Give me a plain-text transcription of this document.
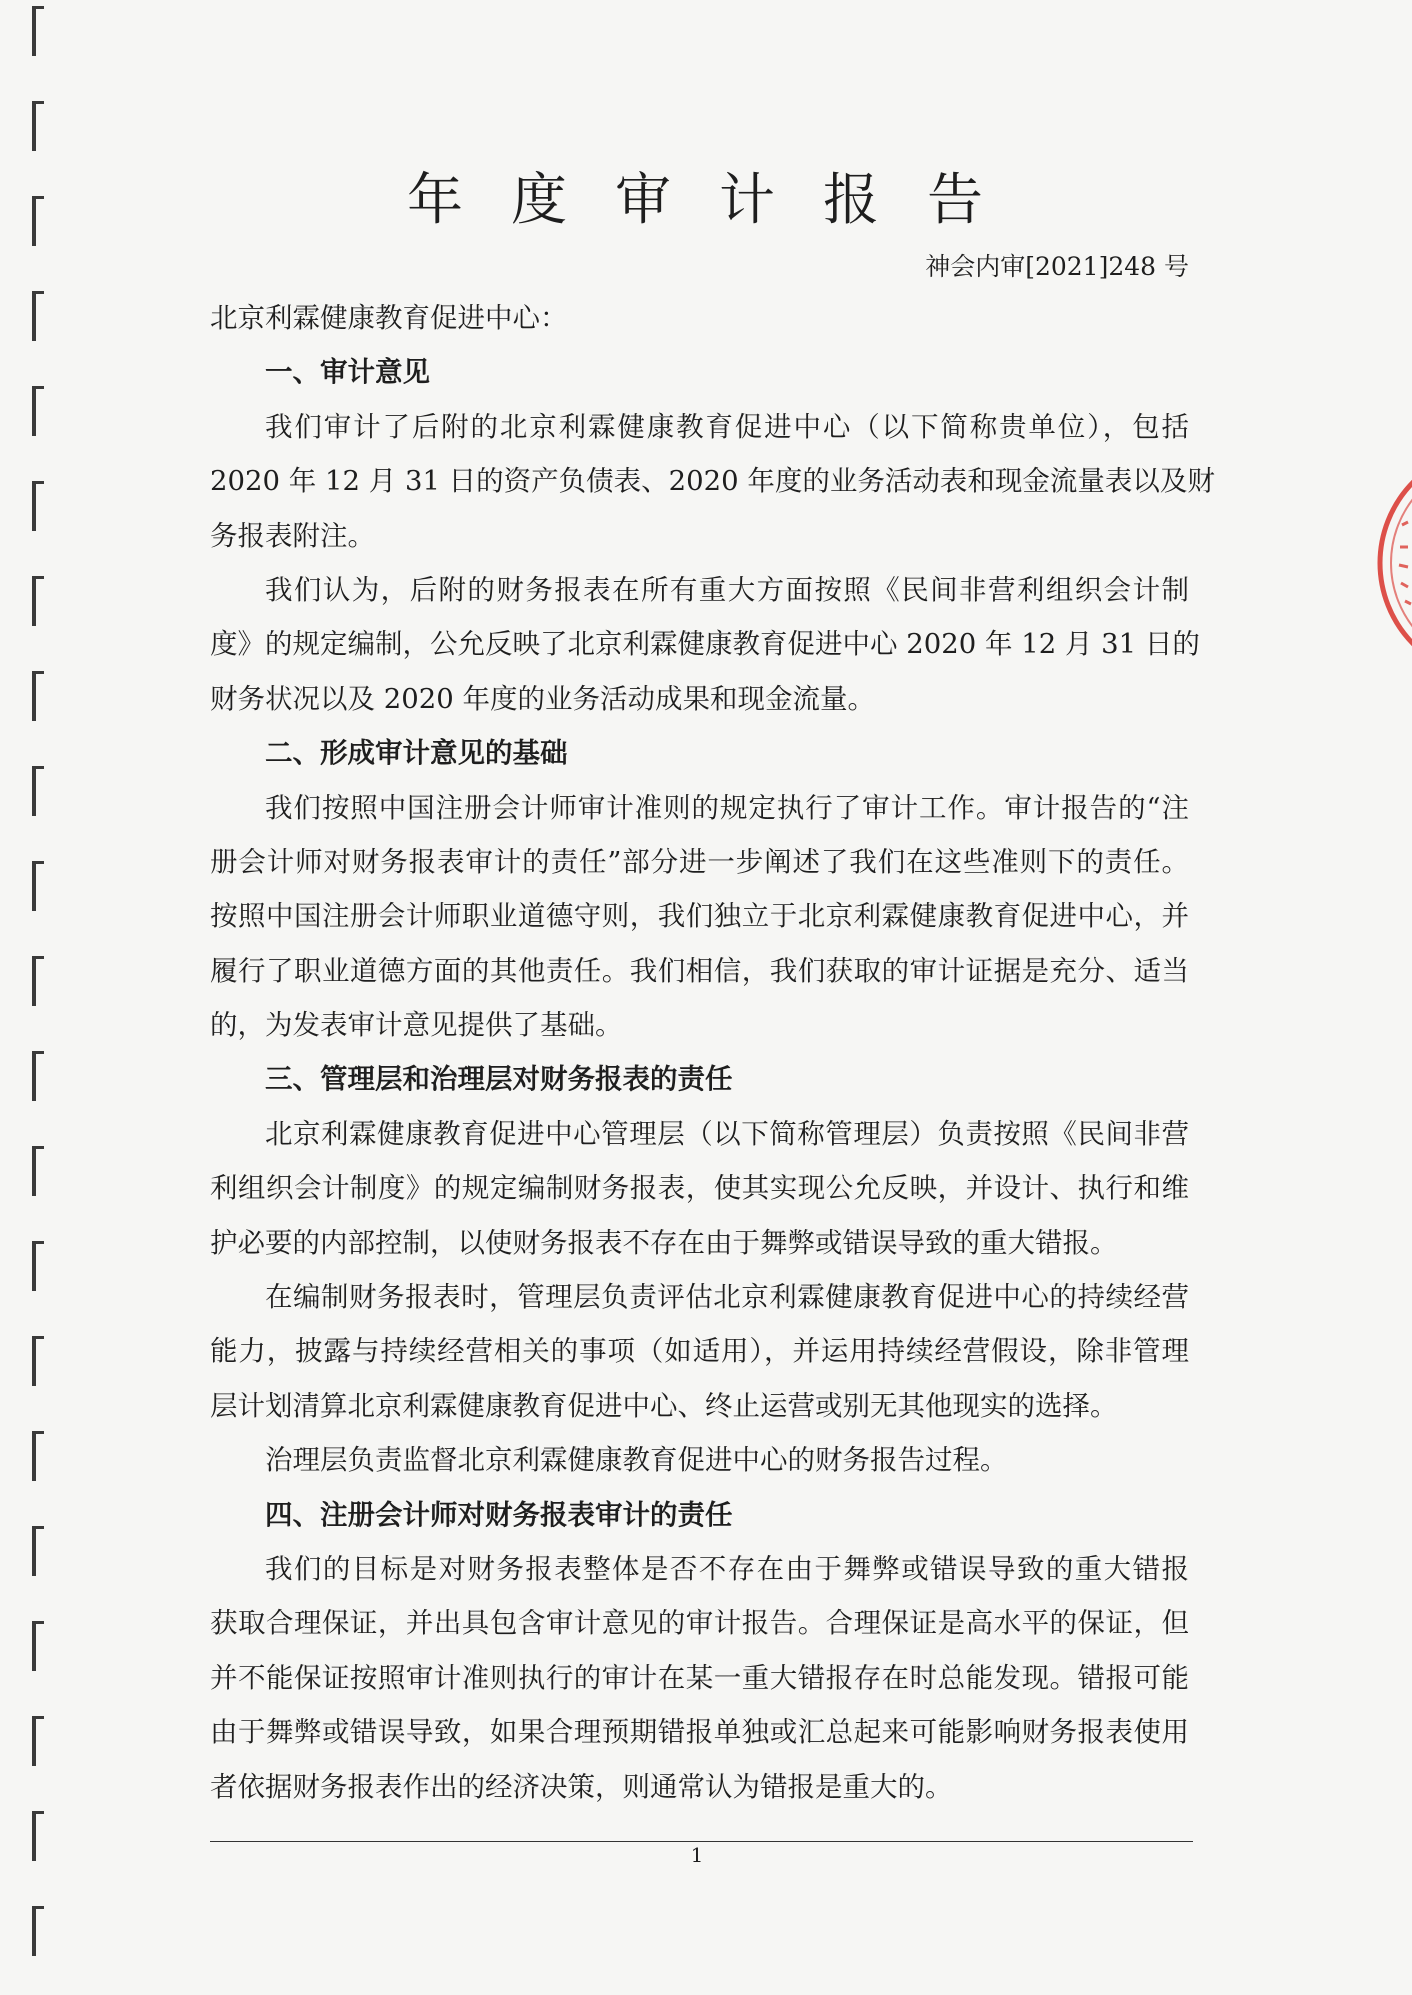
年度审计报告
神会内审[2021]248 号
北京利霖健康教育促进中心：
一、审计意见
我们审计了后附的北京利霖健康教育促进中心（以下简称贵单位），包括
2020 年 12 月 31 日的资产负债表、2020 年度的业务活动表和现金流量表以及财
务报表附注。
我们认为，后附的财务报表在所有重大方面按照《民间非营利组织会计制
度》的规定编制，公允反映了北京利霖健康教育促进中心 2020 年 12 月 31 日的
财务状况以及 2020 年度的业务活动成果和现金流量。
二、形成审计意见的基础
我们按照中国注册会计师审计准则的规定执行了审计工作。审计报告的“注
册会计师对财务报表审计的责任”部分进一步阐述了我们在这些准则下的责任。
按照中国注册会计师职业道德守则，我们独立于北京利霖健康教育促进中心，并
履行了职业道德方面的其他责任。我们相信，我们获取的审计证据是充分、适当
的，为发表审计意见提供了基础。
三、管理层和治理层对财务报表的责任
北京利霖健康教育促进中心管理层（以下简称管理层）负责按照《民间非营
利组织会计制度》的规定编制财务报表，使其实现公允反映，并设计、执行和维
护必要的内部控制，以使财务报表不存在由于舞弊或错误导致的重大错报。
在编制财务报表时，管理层负责评估北京利霖健康教育促进中心的持续经营
能力，披露与持续经营相关的事项（如适用），并运用持续经营假设，除非管理
层计划清算北京利霖健康教育促进中心、终止运营或别无其他现实的选择。
治理层负责监督北京利霖健康教育促进中心的财务报告过程。
四、注册会计师对财务报表审计的责任
我们的目标是对财务报表整体是否不存在由于舞弊或错误导致的重大错报
获取合理保证，并出具包含审计意见的审计报告。合理保证是高水平的保证，但
并不能保证按照审计准则执行的审计在某一重大错报存在时总能发现。错报可能
由于舞弊或错误导致，如果合理预期错报单独或汇总起来可能影响财务报表使用
者依据财务报表作出的经济决策，则通常认为错报是重大的。
1
